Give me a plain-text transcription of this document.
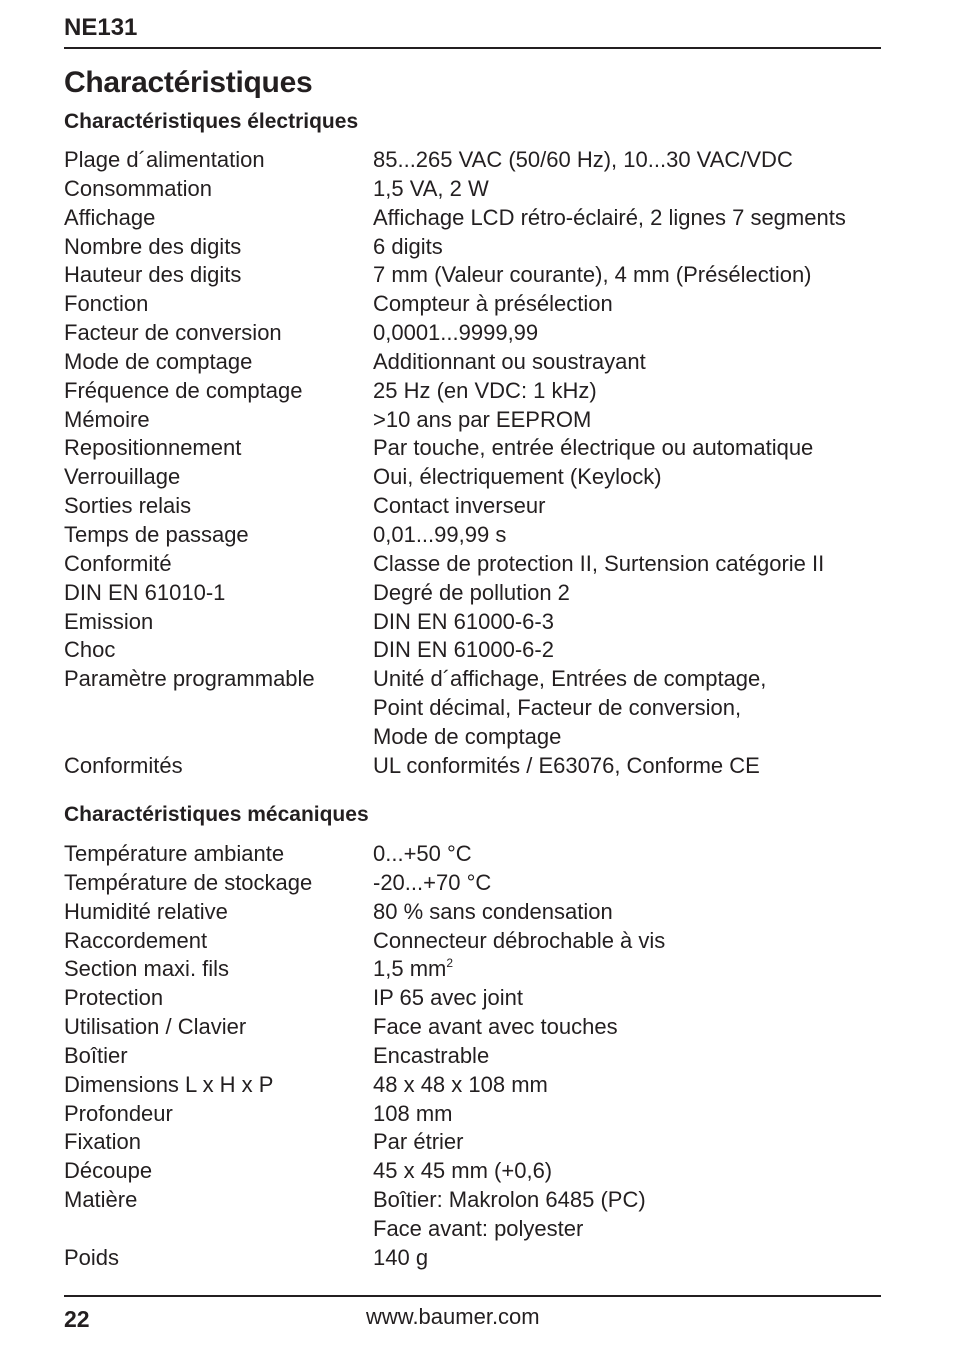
NE131
Charactéristiques
Charactéristiques électriques
Plage d´alimentation	85...265 VAC (50/60 Hz), 10...30 VAC/VDC
Consommation	1,5 VA, 2 W
Affichage	Affichage LCD rétro-éclairé, 2 lignes 7 segments
Nombre des digits	6 digits
Hauteur des digits	7 mm (Valeur courante), 4 mm (Présélection)
Fonction	Compteur à présélection
Facteur de conversion	0,0001...9999,99
Mode de comptage	Additionnant ou soustrayant
Fréquence de comptage	25 Hz (en VDC: 1 kHz)
Mémoire	>10 ans par EEPROM
Repositionnement	Par touche, entrée électrique ou automatique
Verrouillage	Oui, électriquement (Keylock)
Sorties relais	Contact inverseur
Temps de passage	0,01...99,99 s
Conformité	Classe de protection II, Surtension catégorie II
DIN EN 61010-1	Degré de pollution 2
Emission	DIN EN 61000-6-3
Choc	DIN EN 61000-6-2
Paramètre programmable	Unité d´affichage, Entrées de comptage,
Point décimal, Facteur de conversion,
Mode de comptage
Conformités	UL conformités / E63076, Conforme CE
Charactéristiques mécaniques
Température ambiante	0...+50 °C
Température de stockage	-20...+70 °C
Humidité relative	80 % sans condensation
Raccordement	Connecteur débrochable à vis
Section maxi. fils	1,5 $mm^2$
Protection	IP 65 avec joint
Utilisation / Clavier	Face avant avec touches
Boîtier	Encastrable
Dimensions L x H x P	48 x 48 x 108 mm
Profondeur	108 mm
Fixation	Par étrier
Découpe	45 x 45 mm (+0,6)
Matière	Boîtier: Makrolon 6485 (PC)
Face avant: polyester
Poids	140 g
22	www.baumer.com
